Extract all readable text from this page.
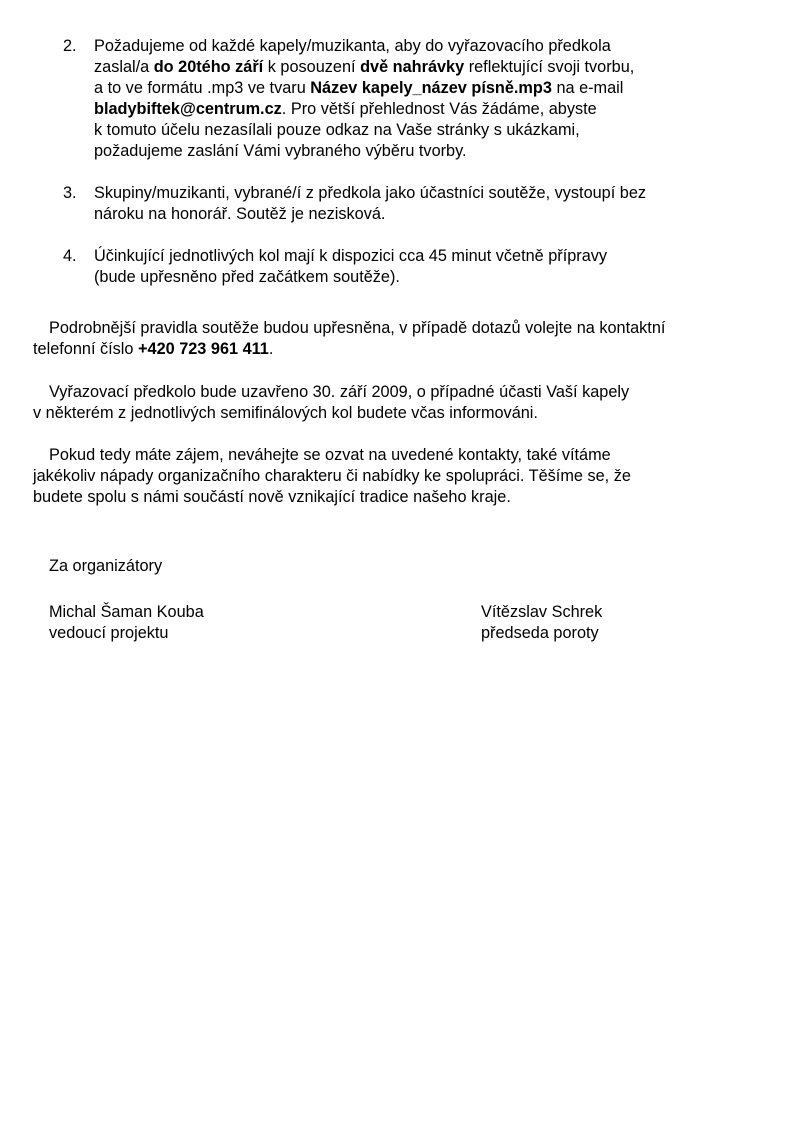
2.	Požadujeme od každé kapely/muzikanta, aby do vyřazovacího předkola
zaslal/a do 20tého září k posouzení dvě nahrávky reflektující svoji tvorbu,
a to ve formátu .mp3 ve tvaru Název kapely_název písně.mp3 na e-mail
bladybiftek@centrum.cz. Pro větší přehlednost Vás žádáme, abyste
k tomuto účelu nezasílali pouze odkaz na Vaše stránky s ukázkami,
požadujeme zaslání Vámi vybraného výběru tvorby.
3.	Skupiny/muzikanti, vybrané/í z předkola jako účastníci soutěže, vystoupí bez
nároku na honorář. Soutěž je nezisková.
4.	Účinkující jednotlivých kol mají k dispozici cca 45 minut včetně přípravy
(bude upřesněno před začátkem soutěže).
Podrobnější pravidla soutěže budou upřesněna, v případě dotazů volejte na kontaktní
telefonní číslo +420 723 961 411.
Vyřazovací předkolo bude uzavřeno 30. září 2009, o případné účasti Vaší kapely
v některém z jednotlivých semifinálových kol budete včas informováni.
Pokud tedy máte zájem, neváhejte se ozvat na uvedené kontakty, také vítáme
jakékoliv nápady organizačního charakteru či nabídky ke spolupráci. Těšíme se, že
budete spolu s námi součástí nově vznikající tradice našeho kraje.
Za organizátory
Michal Šaman Kouba
vedoucí projektu
Vítězslav Schrek
předseda poroty
